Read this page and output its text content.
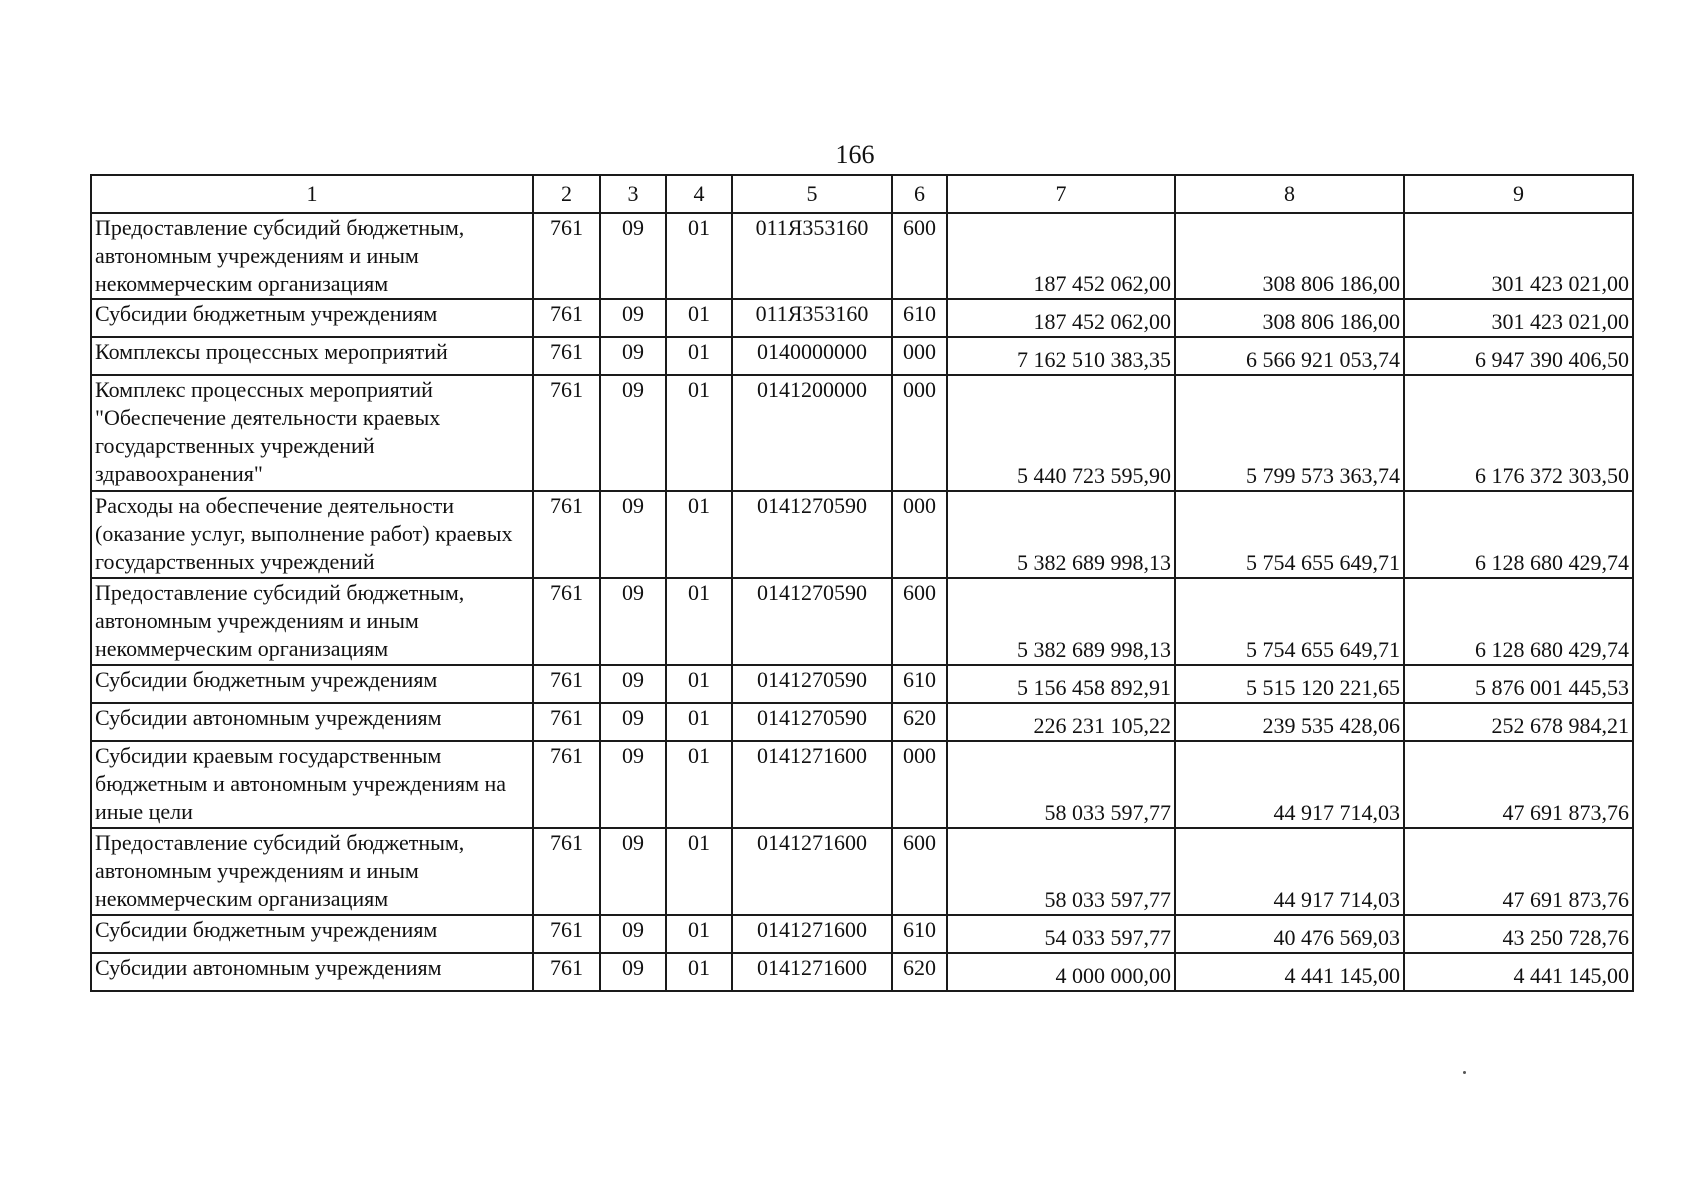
166
1	2	3	4	5	6	7	8	9
Предоставление субсидий бюджетным, автономным учреждениям и иным некоммерческим организациям	761	09	01	011Я353160	600	187 452 062,00	308 806 186,00	301 423 021,00
Субсидии бюджетным учреждениям	761	09	01	011Я353160	610	187 452 062,00	308 806 186,00	301 423 021,00
Комплексы процессных мероприятий	761	09	01	0140000000	000	7 162 510 383,35	6 566 921 053,74	6 947 390 406,50
Комплекс процессных мероприятий "Обеспечение деятельности краевых государственных учреждений здравоохранения"	761	09	01	0141200000	000	5 440 723 595,90	5 799 573 363,74	6 176 372 303,50
Расходы на обеспечение деятельности (оказание услуг, выполнение работ) краевых государственных учреждений	761	09	01	0141270590	000	5 382 689 998,13	5 754 655 649,71	6 128 680 429,74
Предоставление субсидий бюджетным, автономным учреждениям и иным некоммерческим организациям	761	09	01	0141270590	600	5 382 689 998,13	5 754 655 649,71	6 128 680 429,74
Субсидии бюджетным учреждениям	761	09	01	0141270590	610	5 156 458 892,91	5 515 120 221,65	5 876 001 445,53
Субсидии автономным учреждениям	761	09	01	0141270590	620	226 231 105,22	239 535 428,06	252 678 984,21
Субсидии краевым государственным бюджетным и автономным учреждениям на иные цели	761	09	01	0141271600	000	58 033 597,77	44 917 714,03	47 691 873,76
Предоставление субсидий бюджетным, автономным учреждениям и иным некоммерческим организациям	761	09	01	0141271600	600	58 033 597,77	44 917 714,03	47 691 873,76
Субсидии бюджетным учреждениям	761	09	01	0141271600	610	54 033 597,77	40 476 569,03	43 250 728,76
Субсидии автономным учреждениям	761	09	01	0141271600	620	4 000 000,00	4 441 145,00	4 441 145,00
